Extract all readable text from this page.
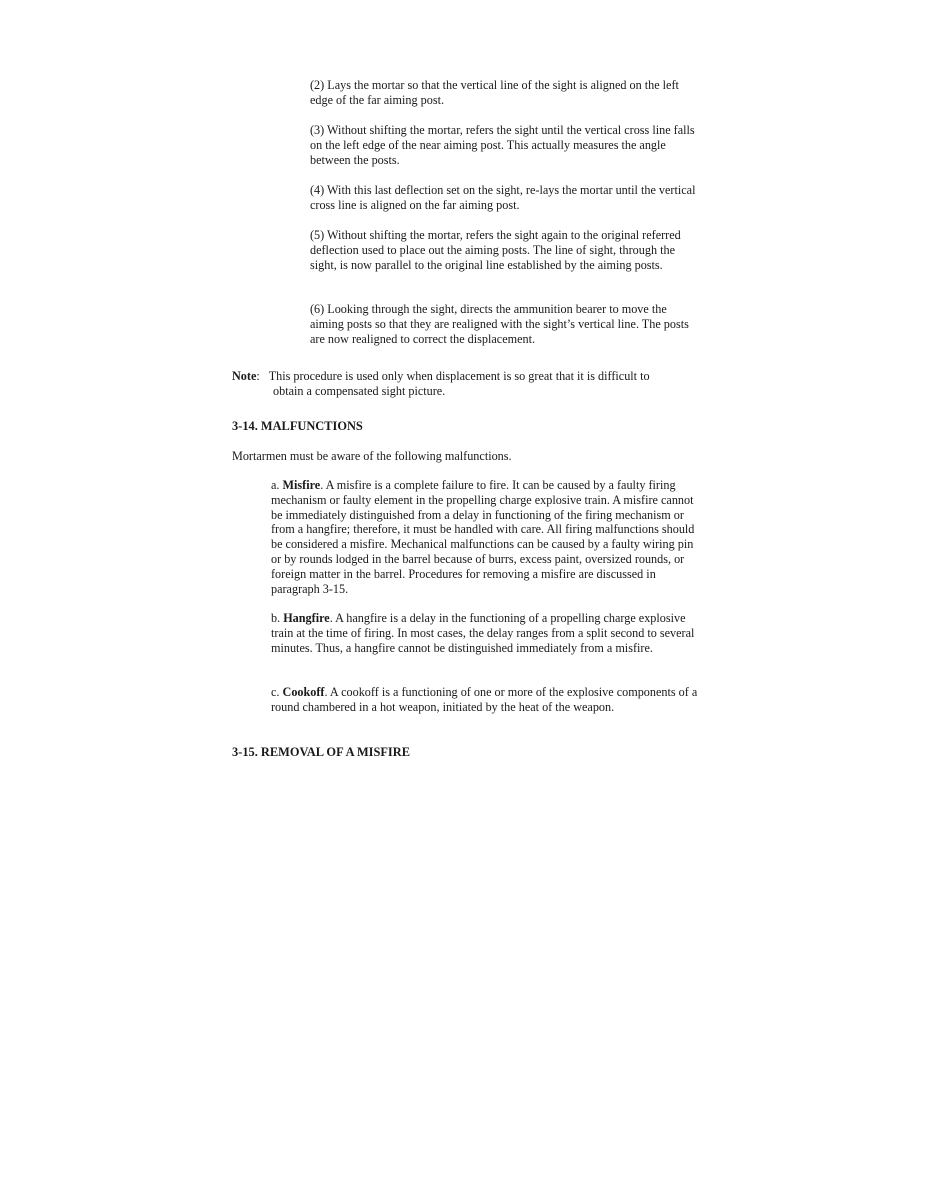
(2) Lays the mortar so that the vertical line of the sight is aligned on the left edge of the far aiming post.

(3) Without shifting the mortar, refers the sight until the vertical cross line falls on the left edge of the near aiming post. This actually measures the angle between the posts.

(4) With this last deflection set on the sight, re-lays the mortar until the vertical cross line is aligned on the far aiming post.

(5) Without shifting the mortar, refers the sight again to the original referred deflection used to place out the aiming posts. The line of sight, through the sight, is now parallel to the original line established by the aiming posts.

(6) Looking through the sight, directs the ammunition bearer to move the aiming posts so that they are realigned with the sight’s vertical line. The posts are now realigned to correct the displacement.

Note: This procedure is used only when displacement is so great that it is difficult to
obtain a compensated sight picture.
3-14. MALFUNCTIONS

Mortarmen must be aware of the following malfunctions.

a. Misfire. A misfire is a complete failure to fire. It can be caused by a faulty firing mechanism or faulty element in the propelling charge explosive train. A misfire cannot be immediately distinguished from a delay in functioning of the firing mechanism or from a hangfire; therefore, it must be handled with care. All firing malfunctions should be considered a misfire. Mechanical malfunctions can be caused by a faulty wiring pin or by rounds lodged in the barrel because of burrs, excess paint, oversized rounds, or foreign matter in the barrel. Procedures for removing a misfire are discussed in paragraph 3-15.

b. Hangfire. A hangfire is a delay in the functioning of a propelling charge explosive train at the time of firing. In most cases, the delay ranges from a split second to several minutes. Thus, a hangfire cannot be distinguished immediately from a misfire.

c. Cookoff. A cookoff is a functioning of one or more of the explosive components of a round chambered in a hot weapon, initiated by the heat of the weapon.

3-15. REMOVAL OF A MISFIRE
